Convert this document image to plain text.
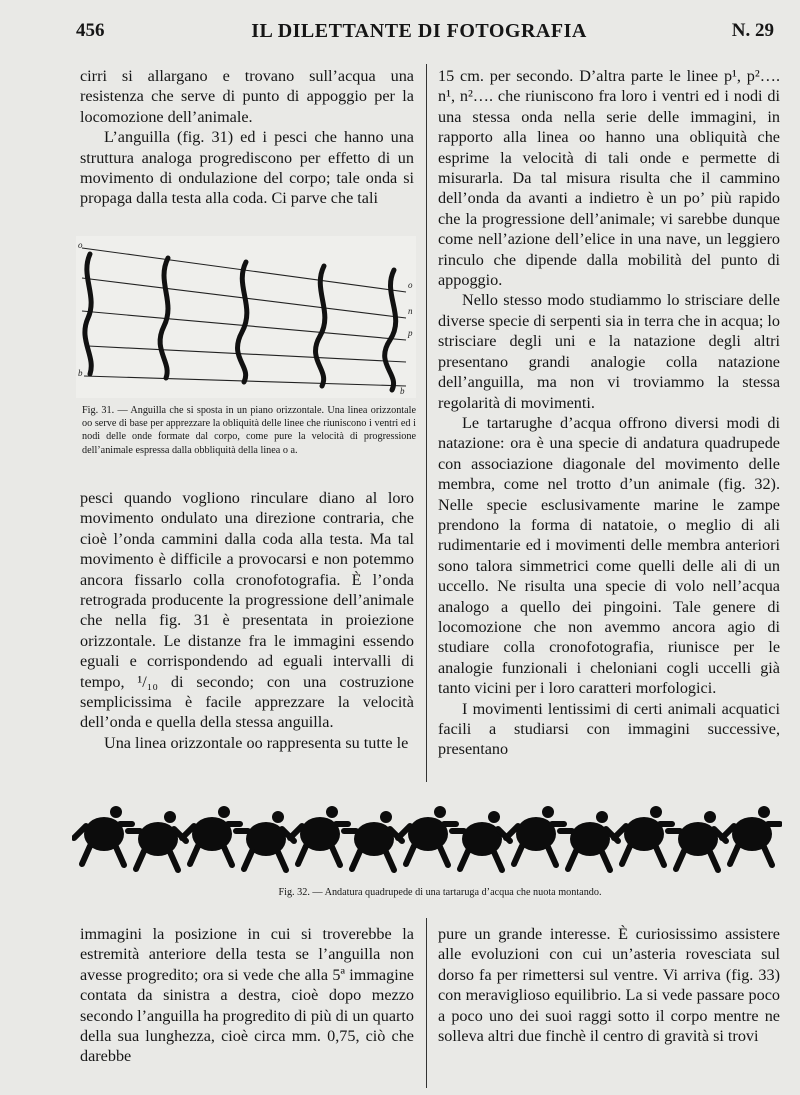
456	IL DILETTANTE DI FOTOGRAFIA	N. 29

cirri si allargano e trovano sull’acqua una resistenza che serve di punto di appoggio per la locomozione dell’animale.

L’anguilla (fig. 31) ed i pesci che hanno una struttura analoga progrediscono per effetto di un movimento di ondulazione del corpo; tale onda si propaga dalla testa alla coda. Ci parve che tali

o
o
n
p
b
b
Fig. 31. — Anguilla che si sposta in un piano orizzontale. Una linea orizzontale oo serve di base per apprezzare la obliquità delle linee che riuniscono i ventri ed i nodi delle onde formate dal corpo, come pure la velocità di progressione dell’animale espressa dalla obbliquità della linea o a.

pesci quando vogliono rinculare diano al loro movimento ondulato una direzione contraria, che cioè l’onda cammini dalla coda alla testa. Ma tal movimento è difficile a provocarsi e non potemmo ancora fissarlo colla cronofotografia. È l’onda retrograda producente la progressione dell’animale che nella fig. 31 è presentata in proiezione orizzontale. Le distanze fra le immagini essendo eguali e corrispondendo ad eguali intervalli di tempo, ¹/₁₀ di secondo; con una costruzione semplicissima è facile apprezzare la velocità dell’onda e quella della stessa anguilla.

Una linea orizzontale oo rappresenta su tutte le

15 cm. per secondo. D’altra parte le linee p¹, p²…. n¹, n²…. che riuniscono fra loro i ventri ed i nodi di una stessa onda nella serie delle immagini, in rapporto alla linea oo hanno una obliquità che esprime la velocità di tali onde e permette di misurarla. Da tal misura risulta che il cammino dell’onda da avanti a indietro è un po’ più rapido che la progressione dell’animale; vi sarebbe dunque come nell’azione dell’elice in una nave, un leggiero rinculo che dipende dalla mobilità del punto di appoggio.

Nello stesso modo studiammo lo strisciare delle diverse specie di serpenti sia in terra che in acqua; lo strisciare degli uni e la natazione degli altri presentano grandi analogie colla natazione dell’anguilla, ma non vi troviammo la stessa regolarità di movimenti.

Le tartarughe d’acqua offrono diversi modi di natazione: ora è una specie di andatura quadrupede con associazione diagonale del movimento delle membra, come nel trotto d’un animale (fig. 32). Nelle specie esclusivamente marine le zampe prendono la forma di natatoie, o meglio di ali rudimentarie ed i movimenti delle membra anteriori sono talora simmetrici come quelli delle ali di un uccello. Ne risulta una specie di volo nell’acqua analogo a quello dei pingoini. Tale genere di locomozione che non avemmo ancora agio di studiare colla cronofotografia, riunisce per le analogie funzionali i cheloniani cogli uccelli già tanto vicini per i loro caratteri morfologici.

I movimenti lentissimi di certi animali acquatici facili a studiarsi con immagini successive, presentano

Fig. 32. — Andatura quadrupede di una tartaruga d’acqua che nuota montando.

immagini la posizione in cui si troverebbe la estremità anteriore della testa se l’anguilla non avesse progredito; ora si vede che alla 5ª immagine contata da sinistra a destra, cioè dopo mezzo secondo l’anguilla ha progredito di più di un quarto della sua lunghezza, cioè circa mm. 0,75, ciò che darebbe

pure un grande interesse. È curiosissimo assistere alle evoluzioni con cui un’asteria rovesciata sul dorso fa per rimettersi sul ventre. Vi arriva (fig. 33) con meraviglioso equilibrio. La si vede passare poco a poco uno dei suoi raggi sotto il corpo mentre ne solleva altri due finchè il centro di gravità si trovi
